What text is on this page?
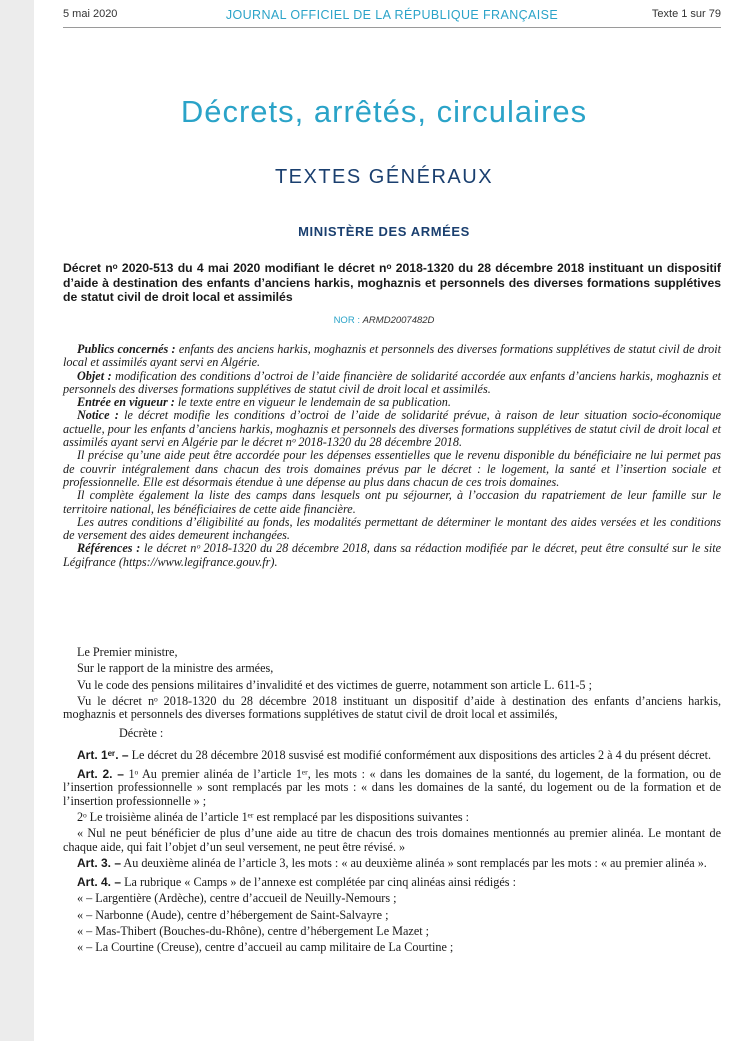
5 mai 2020	JOURNAL OFFICIEL DE LA RÉPUBLIQUE FRANÇAISE	Texte 1 sur 79
Décrets, arrêtés, circulaires
TEXTES GÉNÉRAUX
MINISTÈRE DES ARMÉES
Décret nᵒ 2020-513 du 4 mai 2020 modifiant le décret nᵒ 2018-1320 du 28 décembre 2018 instituant un dispositif d’aide à destination des enfants d’anciens harkis, moghaznis et personnels des diverses formations supplétives de statut civil de droit local et assimilés
NOR : ARMD2007482D

Publics concernés : enfants des anciens harkis, moghaznis et personnels des diverses formations supplétives de statut civil de droit local et assimilés ayant servi en Algérie.

Objet : modification des conditions d’octroi de l’aide financière de solidarité accordée aux enfants d’anciens harkis, moghaznis et personnels des diverses formations supplétives de statut civil de droit local et assimilés.

Entrée en vigueur : le texte entre en vigueur le lendemain de sa publication.

Notice : le décret modifie les conditions d’octroi de l’aide de solidarité prévue, à raison de leur situation socio-économique actuelle, pour les enfants d’anciens harkis, moghaznis et personnels des diverses formations supplétives de statut civil de droit local et assimilés ayant servi en Algérie par le décret nᵒ 2018-1320 du 28 décembre 2018.

Il précise qu’une aide peut être accordée pour les dépenses essentielles que le revenu disponible du bénéficiaire ne lui permet pas de couvrir intégralement dans chacun des trois domaines prévus par le décret : le logement, la santé et l’insertion sociale et professionnelle. Elle est désormais étendue à une dépense au plus dans chacun de ces trois domaines.

Il complète également la liste des camps dans lesquels ont pu séjourner, à l’occasion du rapatriement de leur famille sur le territoire national, les bénéficiaires de cette aide financière.

Les autres conditions d’éligibilité au fonds, les modalités permettant de déterminer le montant des aides versées et les conditions de versement des aides demeurent inchangées.

Références : le décret nᵒ 2018-1320 du 28 décembre 2018, dans sa rédaction modifiée par le décret, peut être consulté sur le site Légifrance (https://www.legifrance.gouv.fr).

Le Premier ministre,

Sur le rapport de la ministre des armées,

Vu le code des pensions militaires d’invalidité et des victimes de guerre, notamment son article L. 611-5 ;

Vu le décret nᵒ 2018-1320 du 28 décembre 2018 instituant un dispositif d’aide à destination des enfants d’anciens harkis, moghaznis et personnels des diverses formations supplétives de statut civil de droit local et assimilés,

Décrète :

Art. 1ᵉʳ. – Le décret du 28 décembre 2018 susvisé est modifié conformément aux dispositions des articles 2 à 4 du présent décret.

Art. 2. – 1ᵒ Au premier alinéa de l’article 1ᵉʳ, les mots : « dans les domaines de la santé, du logement, de la formation, ou de l’insertion professionnelle » sont remplacés par les mots : « dans les domaines de la santé, du logement ou de la formation et de l’insertion professionnelle » ;

2ᵒ Le troisième alinéa de l’article 1ᵉʳ est remplacé par les dispositions suivantes :

« Nul ne peut bénéficier de plus d’une aide au titre de chacun des trois domaines mentionnés au premier alinéa. Le montant de chaque aide, qui fait l’objet d’un seul versement, ne peut être révisé. »

Art. 3. – Au deuxième alinéa de l’article 3, les mots : « au deuxième alinéa » sont remplacés par les mots : « au premier alinéa ».

Art. 4. – La rubrique « Camps » de l’annexe est complétée par cinq alinéas ainsi rédigés :

« – Largentière (Ardèche), centre d’accueil de Neuilly-Nemours ;

« – Narbonne (Aude), centre d’hébergement de Saint-Salvayre ;

« – Mas-Thibert (Bouches-du-Rhône), centre d’hébergement Le Mazet ;

« – La Courtine (Creuse), centre d’accueil au camp militaire de La Courtine ;
